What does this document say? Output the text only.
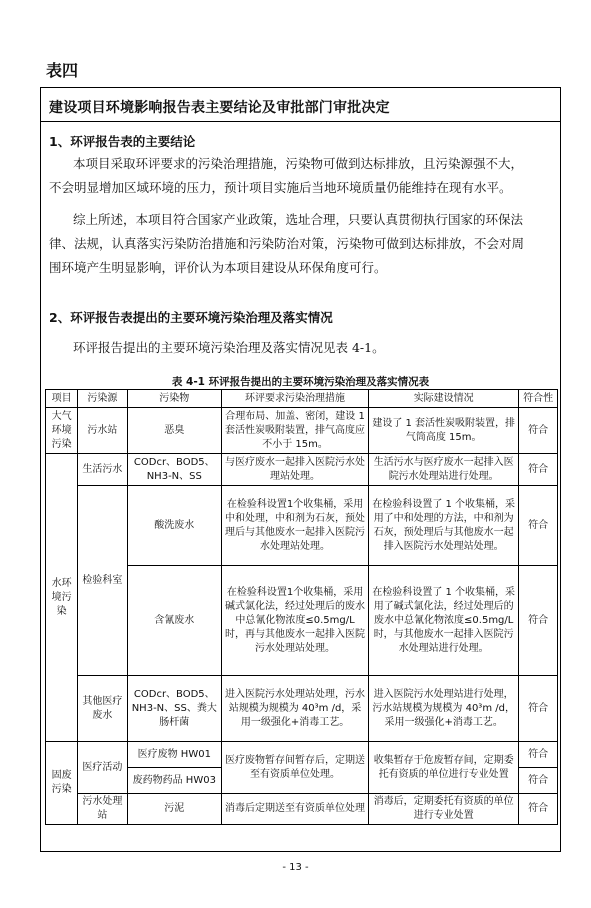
表四
建设项目环境影响报告表主要结论及审批部门审批决定
1、环评报告表的主要结论
本项目采取环评要求的污染治理措施，污染物可做到达标排放，且污染源强不大，
不会明显增加区域环境的压力，预计项目实施后当地环境质量仍能维持在现有水平。
综上所述，本项目符合国家产业政策，选址合理，只要认真贯彻执行国家的环保法
律、法规，认真落实污染防治措施和污染防治对策，污染物可做到达标排放，不会对周
围环境产生明显影响，评价认为本项目建设从环保角度可行。
2、环评报告表提出的主要环境污染治理及落实情况
环评报告提出的主要环境污染治理及落实情况见表 4-1。
表 4-1 环评报告提出的主要环境污染治理及落实情况表
项目	污染源	污染物	环评要求污染治理措施	实际建设情况	符合性
大气环境污染	污水站	恶臭	合理布局、加盖、密闭，建设 1 套活性炭吸附装置，排气高度应不小于 15m。	建设了 1 套活性炭吸附装置，排气筒高度 15m。	符合
水环境污染	生活污水	CODcr、BOD5、NH3-N、SS	与医疗废水一起排入医院污水处理站处理。	生活污水与医疗废水一起排入医院污水处理站进行处理。	符合
	检验科室	酸洗废水	在检验科设置1个收集桶，采用中和处理，中和剂为石灰，预处理后与其他废水一起排入医院污水处理站处理。	在检验科设置了 1 个收集桶，采用了中和处理的方法，中和剂为石灰，预处理后与其他废水一起排入医院污水处理站处理。	符合
		含氰废水	在检验科设置1个收集桶，采用碱式氯化法，经过处理后的废水中总氰化物浓度≤0.5mg/L 时，再与其他废水一起排入医院污水处理站处理。	在检验科设置了 1 个收集桶，采用了碱式氯化法，经过处理后的废水中总氰化物浓度≤0.5mg/L 时，与其他废水一起排入医院污水处理站进行处理。	符合
	其他医疗废水	CODcr、BOD5、NH3-N、SS、粪大肠杆菌	进入医院污水处理站处理，污水站规模为规模为 40³m /d，采用一级强化+消毒工艺。	进入医院污水处理站进行处理，污水站规模为规模为 40³m /d，采用一级强化+消毒工艺。	符合
固废污染	医疗活动	医疗废物 HW01	医疗废物暂存间暂存后，定期送至有资质单位处理。	收集暂存于危废暂存间，定期委托有资质的单位进行专业处置	符合
		废药物药品 HW03			符合
	污水处理站	污泥	消毒后定期送至有资质单位处理	消毒后，定期委托有资质的单位进行专业处置	符合
- 13 -
